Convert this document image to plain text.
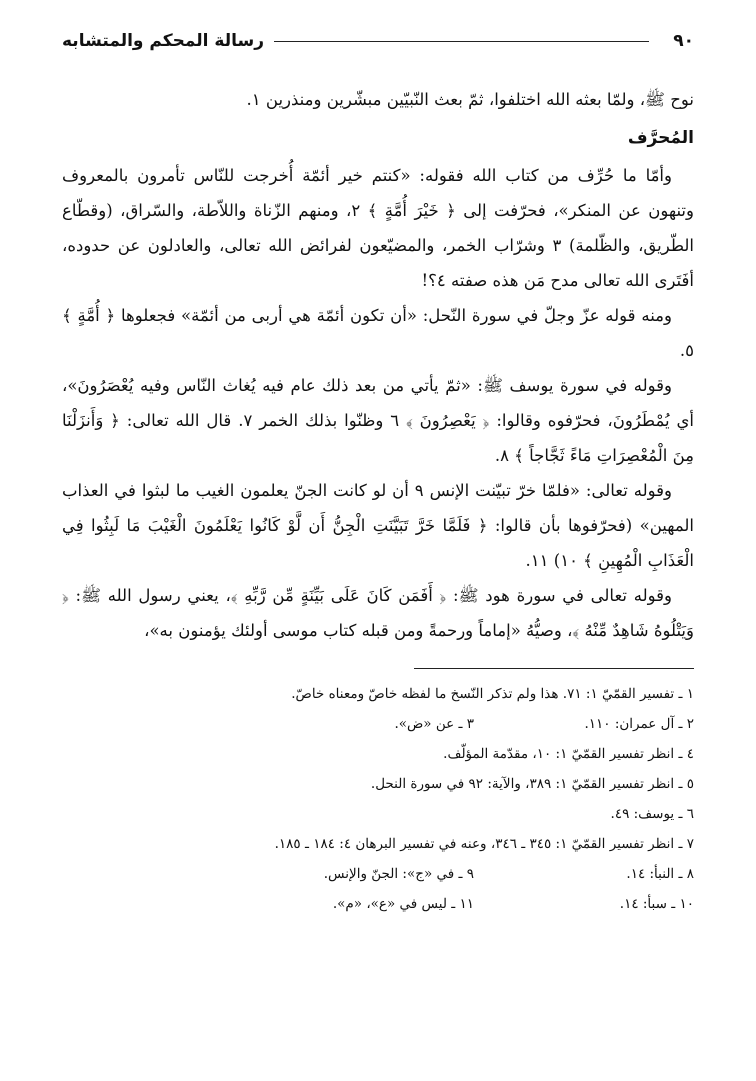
٩٠
رسالة المحكم والمتشابه

نوح ﷺ، ولمّا بعثه الله اختلفوا، ثمّ بعث النّبيّين مبشّرين ومنذرين ١.

المُحرَّف

وأمّا ما حُرِّف من كتاب الله فقوله: «كنتم خير أئمّة أُخرجت للنّاس تأمرون بالمعروف وتنهون عن المنكر»، فحرّفت إلى ﴿ خَيْرَ أُمَّةٍ ﴾ ٢، ومنهم الزّناة واللاّطة، والسّراق، (وقطّاع الطّريق، والظّلمة) ٣ وشرّاب الخمر، والمضيّعون لفرائض الله تعالى، والعادلون عن حدوده، أفَتَرى الله تعالى مدح مَن هذه صفته ٤؟!

ومنه قوله عزّ وجلّ في سورة النّحل: «أن تكون أئمّة هي أربى من أئمّة» فجعلوها ﴿ أُمَّةٍ ﴾ ٥.

وقوله في سورة يوسف ﷺ: «ثمّ يأتي من بعد ذلك عام فيه يُغاث النّاس وفيه يُعْصَرُونَ»، أي يُمْطَرُونَ، فحرّفوه وقالوا: ﴿ يَعْصِرُونَ ﴾ ٦ وظنّوا بذلك الخمر ٧. قال الله تعالى: ﴿ وَأَنزَلْنَا مِنَ الْمُعْصِرَاتِ مَاءً ثَجَّاجاً ﴾ ٨.

وقوله تعالى: «فلمّا خرّ تبيّنت الإنس ٩ أن لو كانت الجنّ يعلمون الغيب ما لبثوا في العذاب المهين» (فحرّفوها بأن قالوا: ﴿ فَلَمَّا خَرَّ تَبَيَّنَتِ الْجِنُّ أَن لَّوْ كَانُوا يَعْلَمُونَ الْغَيْبَ مَا لَبِثُوا فِي الْعَذَابِ الْمُهِينِ ﴾ ١٠) ١١.

وقوله تعالى في سورة هود ﷺ: ﴿ أَفَمَن كَانَ عَلَى بَيِّنَةٍ مِّن رَّبِّهِ ﴾، يعني رسول الله ﷺ: ﴿ وَيَتْلُوهُ شَاهِدٌ مِّنْهُ ﴾، وصيُّهُ «إماماً ورحمةً ومن قبله كتاب موسى أولئك يؤمنون به»،

١ ـ تفسير القمّيّ ١: ٧١. هذا ولم تذكر النّسخ ما لفظه خاصّ ومعناه خاصّ.
٢ ـ آل عمران: ١١٠.
٣ ـ عن «ض».
٤ ـ انظر تفسير القمّيّ ١: ١٠، مقدّمة المؤلّف.
٥ ـ انظر تفسير القمّيّ ١: ٣٨٩، والآية: ٩٢ في سورة النحل.
٦ ـ يوسف: ٤٩.
٧ ـ انظر تفسير القمّيّ ١: ٣٤٥ ـ ٣٤٦، وعنه في تفسير البرهان ٤: ١٨٤ ـ ١٨٥.
٨ ـ النبأ: ١٤.
٩ ـ في «ج»: الجنّ والإنس.
١٠ ـ سبأ: ١٤.
١١ ـ ليس في «ع»، «م».
